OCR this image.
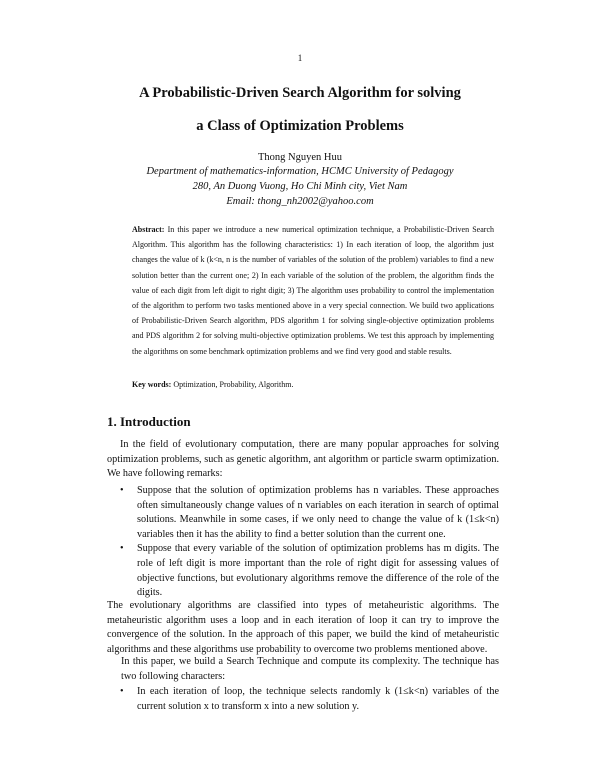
1
A Probabilistic-Driven Search Algorithm for solving
a Class of Optimization Problems
Thong Nguyen Huu
Department of mathematics-information, HCMC University of Pedagogy
280, An Duong Vuong, Ho Chi Minh city, Viet Nam
Email: thong_nh2002@yahoo.com
Abstract: In this paper we introduce a new numerical optimization technique, a Probabilistic-Driven Search Algorithm. This algorithm has the following characteristics: 1) In each iteration of loop, the algorithm just changes the value of k (k<n, n is the number of variables of the solution of the problem) variables to find a new solution better than the current one; 2) In each variable of the solution of the problem, the algorithm finds the value of each digit from left digit to right digit; 3) The algorithm uses probability to control the implementation of the algorithm to perform two tasks mentioned above in a very special connection. We build two applications of Probabilistic-Driven Search algorithm, PDS algorithm 1 for solving single-objective optimization problems and PDS algorithm 2 for solving multi-objective optimization problems. We test this approach by implementing the algorithms on some benchmark optimization problems and we find very good and stable results.
Key words: Optimization, Probability, Algorithm.
1. Introduction
In the field of evolutionary computation, there are many popular approaches for solving optimization problems, such as genetic algorithm, ant algorithm or particle swarm optimization. We have following remarks:
• Suppose that the solution of optimization problems has n variables. These approaches often simultaneously change values of n variables on each iteration in search of optimal solutions. Meanwhile in some cases, if we only need to change the value of k (1≤k<n) variables then it has the ability to find a better solution than the current one.
• Suppose that every variable of the solution of optimization problems has m digits. The role of left digit is more important than the role of right digit for assessing values of objective functions, but evolutionary algorithms remove the difference of the role of the digits.
The evolutionary algorithms are classified into types of metaheuristic algorithms. The metaheuristic algorithm uses a loop and in each iteration of loop it can try to improve the convergence of the solution. In the approach of this paper, we build the kind of metaheuristic algorithms and these algorithms use probability to overcome two problems mentioned above.
In this paper, we build a Search Technique and compute its complexity. The technique has two following characters:
• In each iteration of loop, the technique selects randomly k (1≤k<n) variables of the current solution x to transform x into a new solution y.
